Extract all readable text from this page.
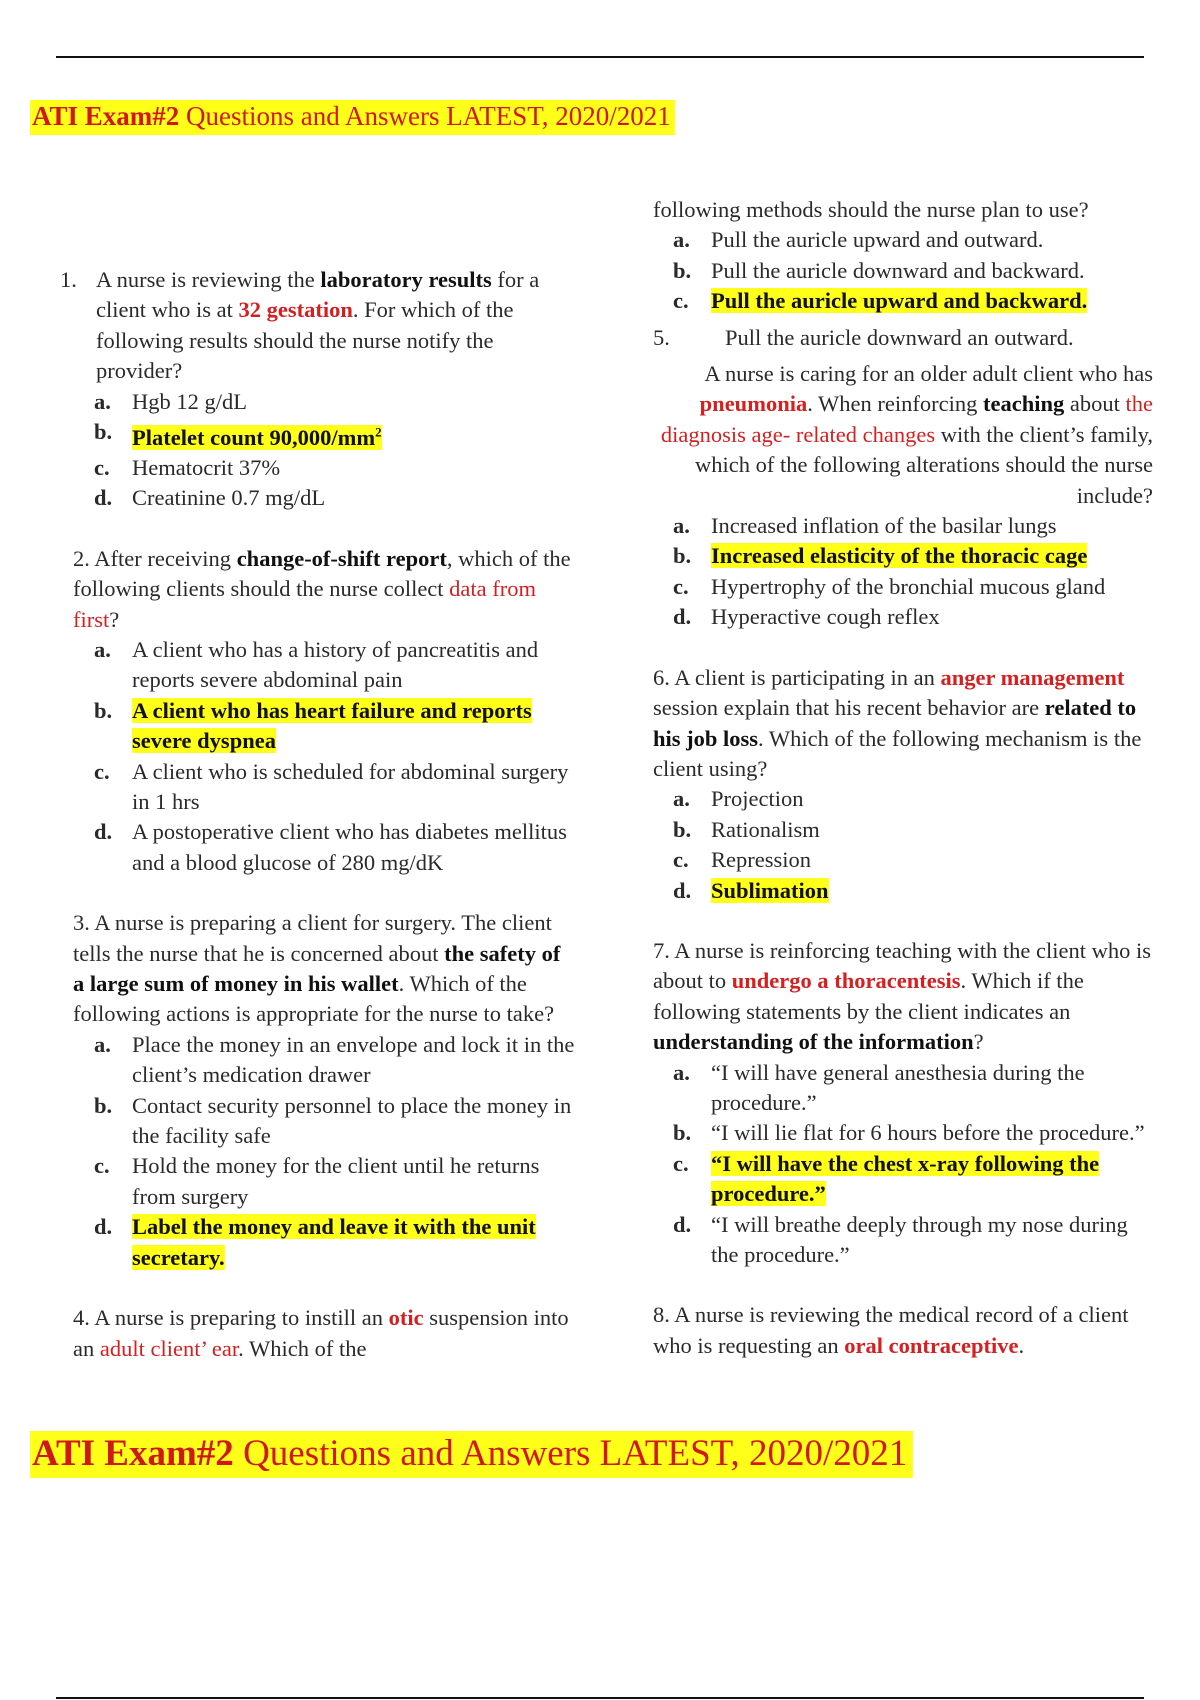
ATI Exam#2 Questions and Answers LATEST, 2020/2021
1. A nurse is reviewing the laboratory results for a client who is at 32 gestation. For which of the following results should the nurse notify the provider?
a. Hgb 12 g/dL
b. Platelet count $90,000/mm^2$
c. Hematocrit 37%
d. Creatinine 0.7 mg/dL
2. After receiving change-of-shift report, which of the following clients should the nurse collect data from first?
a. A client who has a history of pancreatitis and reports severe abdominal pain
b. A client who has heart failure and reports severe dyspnea
c. A client who is scheduled for abdominal surgery in 1 hrs
d. A postoperative client who has diabetes mellitus and a blood glucose of 280 mg/dK
3. A nurse is preparing a client for surgery. The client tells the nurse that he is concerned about the safety of a large sum of money in his wallet. Which of the following actions is appropriate for the nurse to take?
a. Place the money in an envelope and lock it in the client’s medication drawer
b. Contact security personnel to place the money in the facility safe
c. Hold the money for the client until he returns from surgery
d. Label the money and leave it with the unit secretary.
4. A nurse is preparing to instill an otic suspension into an adult client’ ear. Which of the
following methods should the nurse plan to use?
a. Pull the auricle upward and outward.
b. Pull the auricle downward and backward.
c. Pull the auricle upward and backward.
5.	Pull the auricle downward an outward.
A nurse is caring for an older adult client who has pneumonia. When reinforcing teaching about the diagnosis age- related changes with the client’s family, which of the following alterations should the nurse include?
a. Increased inflation of the basilar lungs
b. Increased elasticity of the thoracic cage
c. Hypertrophy of the bronchial mucous gland
d. Hyperactive cough reflex
6. A client is participating in an anger management session explain that his recent behavior are related to his job loss. Which of the following mechanism is the client using?
a. Projection
b. Rationalism
c. Repression
d. Sublimation
7. A nurse is reinforcing teaching with the client who is about to undergo a thoracentesis. Which if the following statements by the client indicates an understanding of the information?
a. “I will have general anesthesia during the procedure.”
b. “I will lie flat for 6 hours before the procedure.”
c. “I will have the chest x-ray following the procedure.”
d. “I will breathe deeply through my nose during the procedure.”
8. A nurse is reviewing the medical record of a client who is requesting an oral contraceptive.
ATI Exam#2 Questions and Answers LATEST, 2020/2021
